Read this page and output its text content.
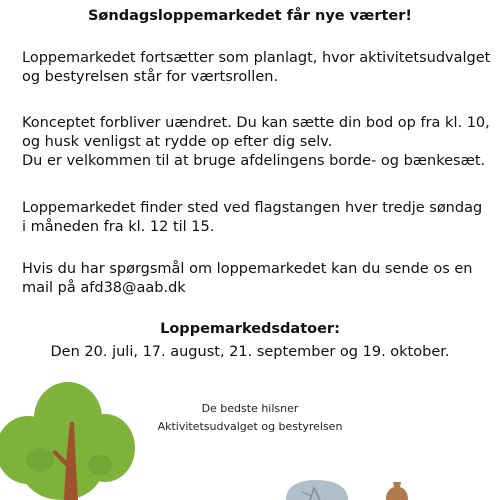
Søndagsloppemarkedet får nye værter!

Loppemarkedet fortsætter som planlagt, hvor aktivitetsudvalget
og bestyrelsen står for værtsrollen.

Konceptet forbliver uændret. Du kan sætte din bod op fra kl. 10,
og husk venligst at rydde op efter dig selv.
Du er velkommen til at bruge afdelingens borde- og bænkesæt.

Loppemarkedet finder sted ved flagstangen hver tredje søndag
i måneden fra kl. 12 til 15.

Hvis du har spørgsmål om loppemarkedet kan du sende os en
mail på afd38@aab.dk

Loppemarkedsdatoer:
Den 20. juli, 17. august, 21. september og 19. oktober.
De bedste hilsner
Aktivitetsudvalget og bestyrelsen
